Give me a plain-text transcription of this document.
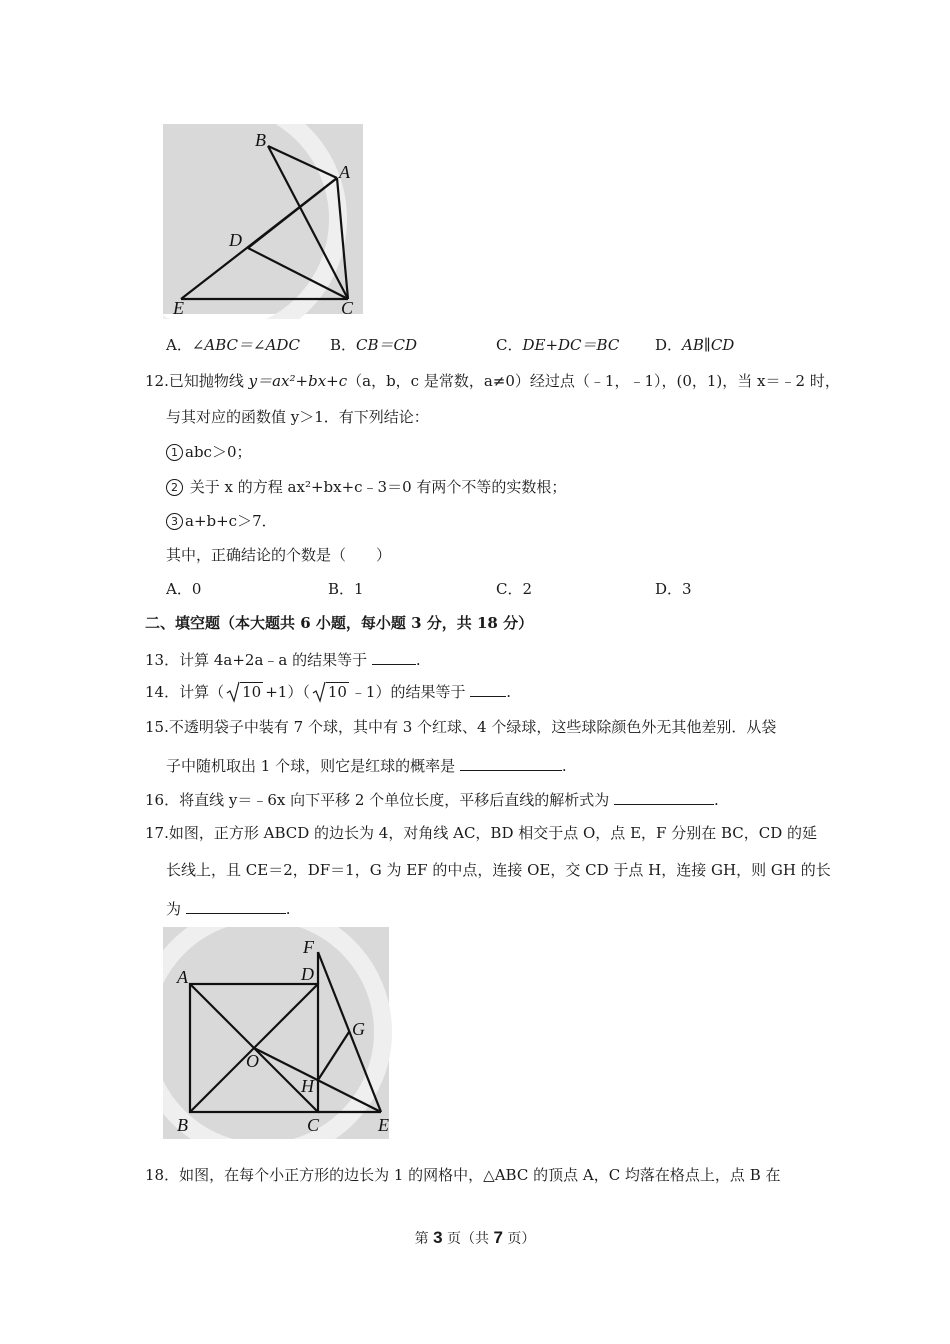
B
A
D
E	C
A．∠ABC＝∠ADC B．CB＝CD	C．DE+DC＝BC D．AB∥CD
12.已知抛物线 y＝ax²+bx+c（a，b，c 是常数，a≠0）经过点（﹣1，﹣1），(0，1)，当 x＝﹣2 时，
与其对应的函数值 y＞1．有下列结论：
1 abc＞0；
2 关于 x 的方程 ax²+bx+c﹣3＝0 有两个不等的实数根；
3 a+b+c＞7．
其中，正确结论的个数是（　　）
A．0	B．1	C．2	D．3
二、填空题（本大题共 6 小题，每小题 3 分，共 18 分）
13．计算 4a+2a﹣a 的结果等于	.
14．计算（ 10 +1）（ 10 ﹣1）的结果等于	.
15.不透明袋子中装有 7 个球，其中有 3 个红球、4 个绿球，这些球除颜色外无其他差别．从袋
子中随机取出 1 个球，则它是红球的概率是	.
16．将直线 y＝﹣6x 向下平移 2 个单位长度，平移后直线的解析式为	.
17.如图，正方形 ABCD 的边长为 4，对角线 AC，BD 相交于点 O，点 E，F 分别在 BC，CD 的延
长线上，且 CE＝2，DF＝1，G 为 EF 的中点，连接 OE，交 CD 于点 H，连接 GH，则 GH 的长
为	.
A	D
F
G
O
H
B	C	E
18．如图，在每个小正方形的边长为 1 的网格中，△ABC 的顶点 A，C 均落在格点上，点 B 在
第 3 页（共 7 页）
